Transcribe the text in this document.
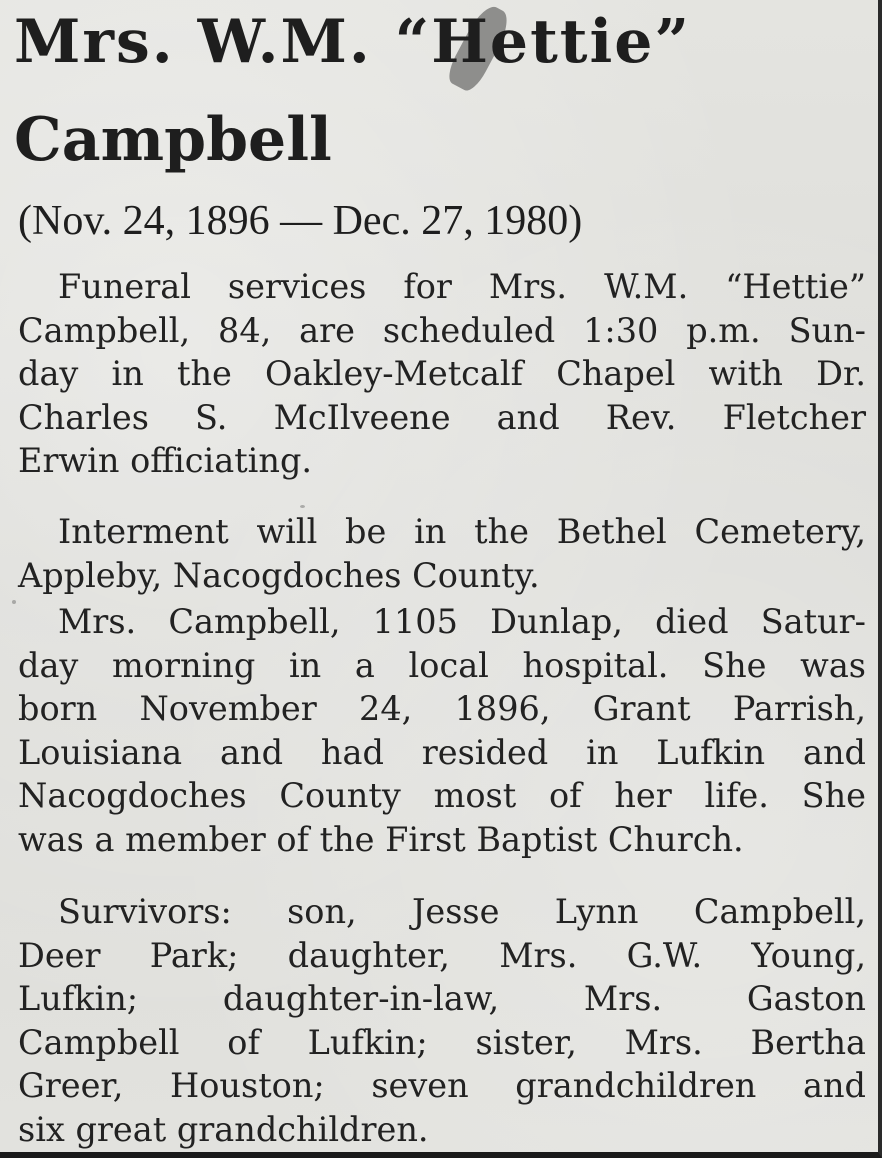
Mrs. W.M. “Hettie”
Campbell

(Nov. 24, 1896 — Dec. 27, 1980)

Funeral services for Mrs. W.M. “Hettie”
Campbell, 84, are scheduled 1:30 p.m. Sun-
day in the Oakley-Metcalf Chapel with Dr.
Charles S. McIlveene and Rev. Fletcher
Erwin officiating.
Interment will be in the Bethel Cemetery,
Appleby, Nacogdoches County.
Mrs. Campbell, 1105 Dunlap, died Satur-
day morning in a local hospital. She was
born November 24, 1896, Grant Parrish,
Louisiana and had resided in Lufkin and
Nacogdoches County most of her life. She
was a member of the First Baptist Church.
Survivors: son, Jesse Lynn Campbell,
Deer Park; daughter, Mrs. G.W. Young,
Lufkin; daughter-in-law, Mrs. Gaston
Campbell of Lufkin; sister, Mrs. Bertha
Greer, Houston; seven grandchildren and
six great grandchildren.
